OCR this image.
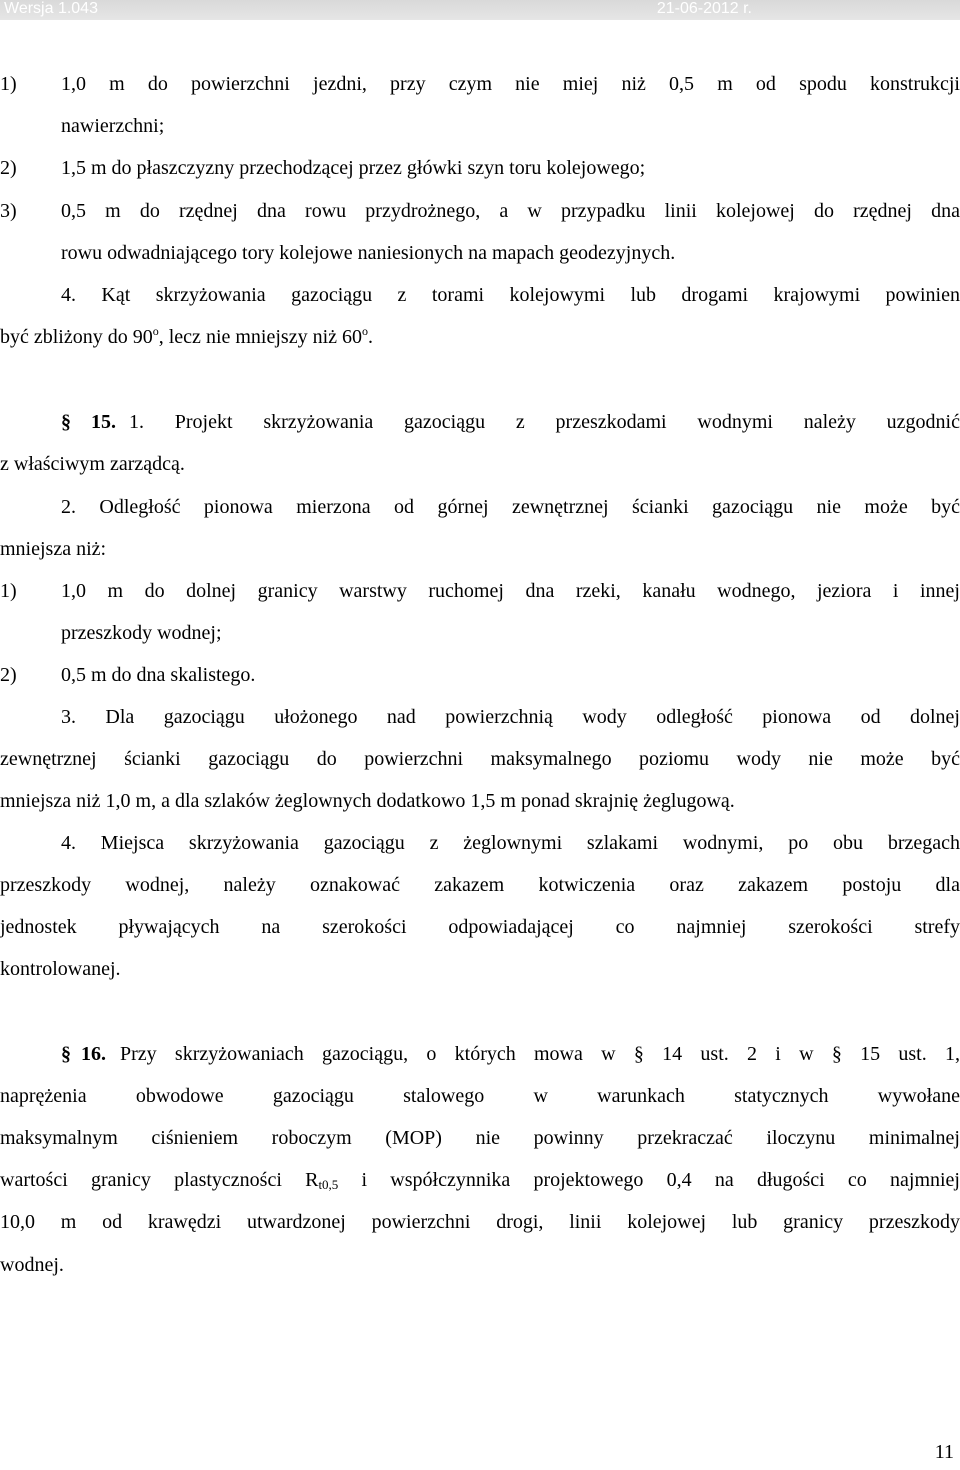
Wersja 1.043	21-06-2012 r.
1) 1,0 m do powierzchni jezdni, przy czym nie miej niż 0,5 m od spodu konstrukcji
nawierzchni;
2) 1,5 m do płaszczyzny przechodzącej przez główki szyn toru kolejowego;
3) 0,5 m do rzędnej dna rowu przydrożnego, a w przypadku linii kolejowej do rzędnej dna
rowu odwadniającego tory kolejowe naniesionych na mapach geodezyjnych.
4. Kąt skrzyżowania gazociągu z torami kolejowymi lub drogami krajowymi powinien
być zbliżony do 90$^o$, lecz nie mniejszy niż 60$^o$.
§ 15. 1. Projekt skrzyżowania gazociągu z przeszkodami wodnymi należy uzgodnić
z właściwym zarządcą.
2. Odległość pionowa mierzona od górnej zewnętrznej ścianki gazociągu nie może być
mniejsza niż:
1) 1,0 m do dolnej granicy warstwy ruchomej dna rzeki, kanału wodnego, jeziora i innej
przeszkody wodnej;
2) 0,5 m do dna skalistego.
3. Dla gazociągu ułożonego nad powierzchnią wody odległość pionowa od dolnej
zewnętrznej ścianki gazociągu do powierzchni maksymalnego poziomu wody nie może być
mniejsza niż 1,0 m, a dla szlaków żeglownych dodatkowo 1,5 m ponad skrajnię żeglugową.
4. Miejsca skrzyżowania gazociągu z żeglownymi szlakami wodnymi, po obu brzegach
przeszkody wodnej, należy oznakować zakazem kotwiczenia oraz zakazem postoju dla
jednostek pływających na szerokości odpowiadającej co najmniej szerokości strefy
kontrolowanej.
§ 16. Przy skrzyżowaniach gazociągu, o których mowa w § 14 ust. 2 i w § 15 ust. 1,
naprężenia obwodowe gazociągu stalowego w warunkach statycznych wywołane
maksymalnym ciśnieniem roboczym (MOP) nie powinny przekraczać iloczynu minimalnej
wartości granicy plastyczności $R_{t0,5}$ i współczynnika projektowego 0,4 na długości co najmniej
10,0 m od krawędzi utwardzonej powierzchni drogi, linii kolejowej lub granicy przeszkody
wodnej.
11
